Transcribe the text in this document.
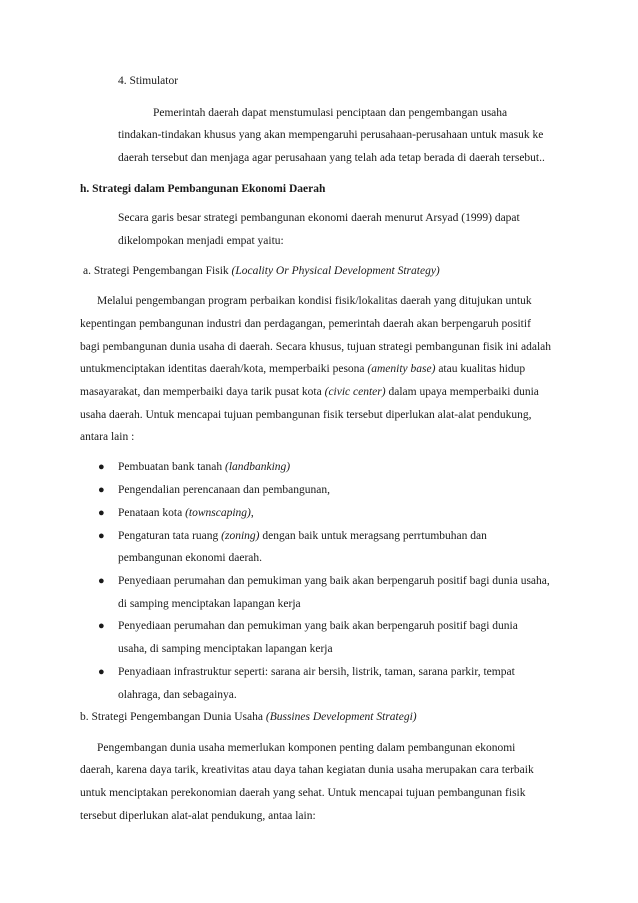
4. Stimulator
Pemerintah daerah dapat menstumulasi penciptaan dan pengembangan usaha
tindakan-tindakan khusus yang akan mempengaruhi perusahaan-perusahaan untuk masuk ke
daerah tersebut dan menjaga agar perusahaan yang telah ada tetap berada di daerah tersebut..
h. Strategi dalam Pembangunan Ekonomi Daerah
Secara garis besar strategi pembangunan ekonomi daerah menurut Arsyad (1999) dapat
dikelompokan menjadi empat yaitu:
a. Strategi Pengembangan Fisik (Locality Or Physical Development Strategy)
Melalui pengembangan program perbaikan kondisi fisik/lokalitas daerah yang ditujukan untuk
kepentingan pembangunan industri dan perdagangan, pemerintah daerah akan berpengaruh positif
bagi pembangunan dunia usaha di daerah. Secara khusus, tujuan strategi pembangunan fisik ini adalah
untukmenciptakan identitas daerah/kota, memperbaiki pesona (amenity base) atau kualitas hidup
masayarakat, dan memperbaiki daya tarik pusat kota (civic center) dalam upaya memperbaiki dunia
usaha daerah. Untuk mencapai tujuan pembangunan fisik tersebut diperlukan alat-alat pendukung,
antara lain :
● Pembuatan bank tanah (landbanking)
● Pengendalian perencanaan dan pembangunan,
● Penataan kota (townscaping),
● Pengaturan tata ruang (zoning) dengan baik untuk meragsang perrtumbuhan dan
pembangunan ekonomi daerah.
● Penyediaan perumahan dan pemukiman yang baik akan berpengaruh positif bagi dunia usaha,
di samping menciptakan lapangan kerja
● Penyediaan perumahan dan pemukiman yang baik akan berpengaruh positif bagi dunia
usaha, di samping menciptakan lapangan kerja
● Penyadiaan infrastruktur seperti: sarana air bersih, listrik, taman, sarana parkir, tempat
olahraga, dan sebagainya.
b. Strategi Pengembangan Dunia Usaha (Bussines Development Strategi)
Pengembangan dunia usaha memerlukan komponen penting dalam pembangunan ekonomi
daerah, karena daya tarik, kreativitas atau daya tahan kegiatan dunia usaha merupakan cara terbaik
untuk menciptakan perekonomian daerah yang sehat. Untuk mencapai tujuan pembangunan fisik
tersebut diperlukan alat-alat pendukung, antaa lain:
